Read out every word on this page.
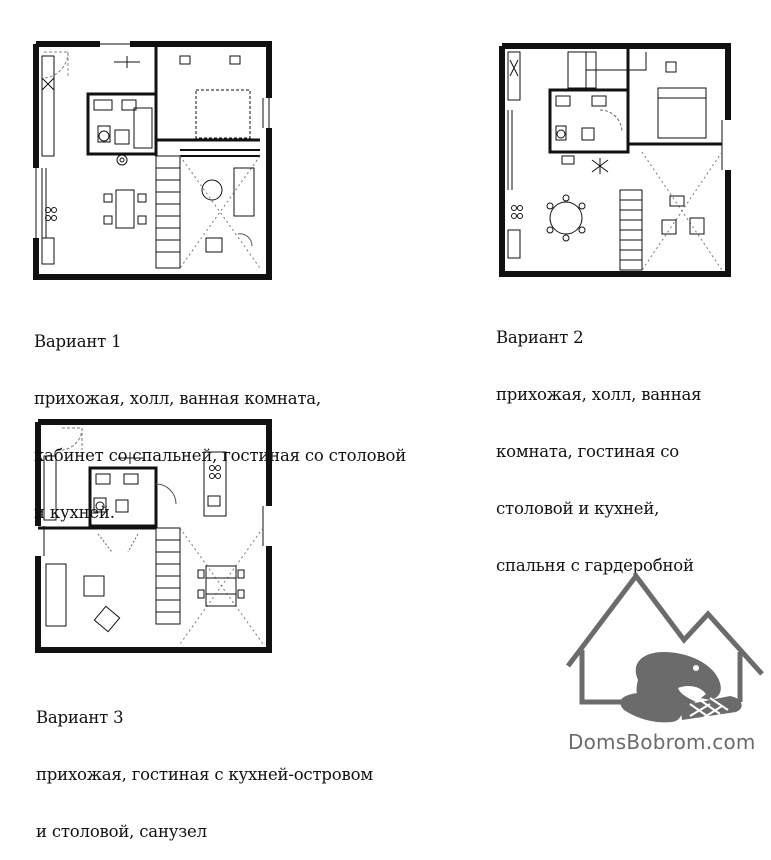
Вариант 1

прихожая, холл, ванная комната,

кабинет со спальней, гостиная со столовой

и кухней.

Вариант 2

прихожая, холл, ванная

комната, гостиная со

столовой и кухней,

спальня с гардеробной

Вариант 3

прихожая, гостиная с кухней-островом

и столовой, санузел

DomsBobrom.com
